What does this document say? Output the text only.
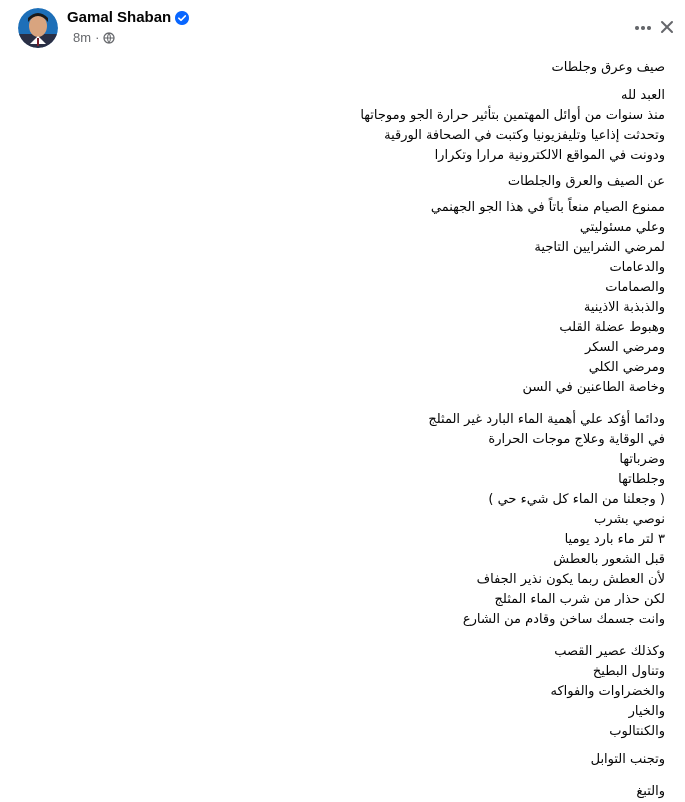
Gamal Shaban
8m ·
صيف وعرق وجلطات
العبد لله
منذ سنوات من أوائل المهتمين بتأثير حرارة الجو وموجاتها
وتحدثت إذاعيا وتليفزيونيا وكتبت في الصحافة الورقية
ودونت في المواقع الالكترونية مرارا وتكرارا
عن الصيف والعرق والجلطات
ممنوع الصيام منعاً باتاً في هذا الجو الجهنمي
وعلي مسئوليتي
لمرضي الشرايين التاجية
والدعامات
والصمامات
والذبذبة الاذينية
وهبوط عضلة القلب
ومرضي السكر
ومرضي الكلي
وخاصة الطاعنين في السن
ودائما أؤكد علي أهمية الماء البارد غير المثلج
في الوقاية وعلاج موجات الحرارة
وضرباتها
وجلطاتها
( وجعلنا من الماء كل شيء حي )
نوصي بشرب
٣ لتر ماء بارد يوميا
قبل الشعور بالعطش
لأن العطش ربما يكون نذير الجفاف
لكن حذار من شرب الماء المثلج
وانت جسمك ساخن وقادم من الشارع
وكذلك عصير القصب
وتناول البطيخ
والخضراوات والفواكه
والخيار
والكنتالوب
وتجنب التوابل
والتبغ
